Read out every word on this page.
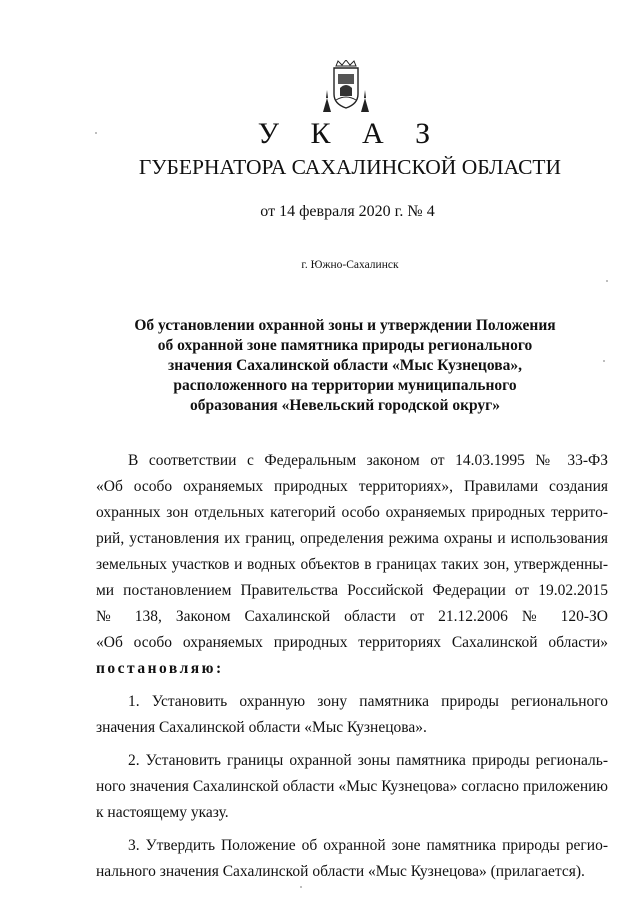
У К А З
ГУБЕРНАТОРА САХАЛИНСКОЙ ОБЛАСТИ
от 14 февраля 2020 г. № 4
г. Южно-Сахалинск
Об установлении охранной зоны и утверждении Положения
об охранной зоне памятника природы регионального
значения Сахалинской области «Мыс Кузнецова»,
расположенного на территории муниципального
образования «Невельский городской округ»
В соответствии с Федеральным законом от 14.03.1995 № 33-ФЗ
«Об особо охраняемых природных территориях», Правилами создания
охранных зон отдельных категорий особо охраняемых природных террито-
рий, установления их границ, определения режима охраны и использования
земельных участков и водных объектов в границах таких зон, утвержденны-
ми постановлением Правительства Российской Федерации от 19.02.2015
№ 138, Законом Сахалинской области от 21.12.2006 № 120-ЗО
«Об особо охраняемых природных территориях Сахалинской области»
постановляю:
1. Установить охранную зону памятника природы регионального
значения Сахалинской области «Мыс Кузнецова».
2. Установить границы охранной зоны памятника природы региональ-
ного значения Сахалинской области «Мыс Кузнецова» согласно приложению
к настоящему указу.
3. Утвердить Положение об охранной зоне памятника природы регио-
нального значения Сахалинской области «Мыс Кузнецова» (прилагается).
